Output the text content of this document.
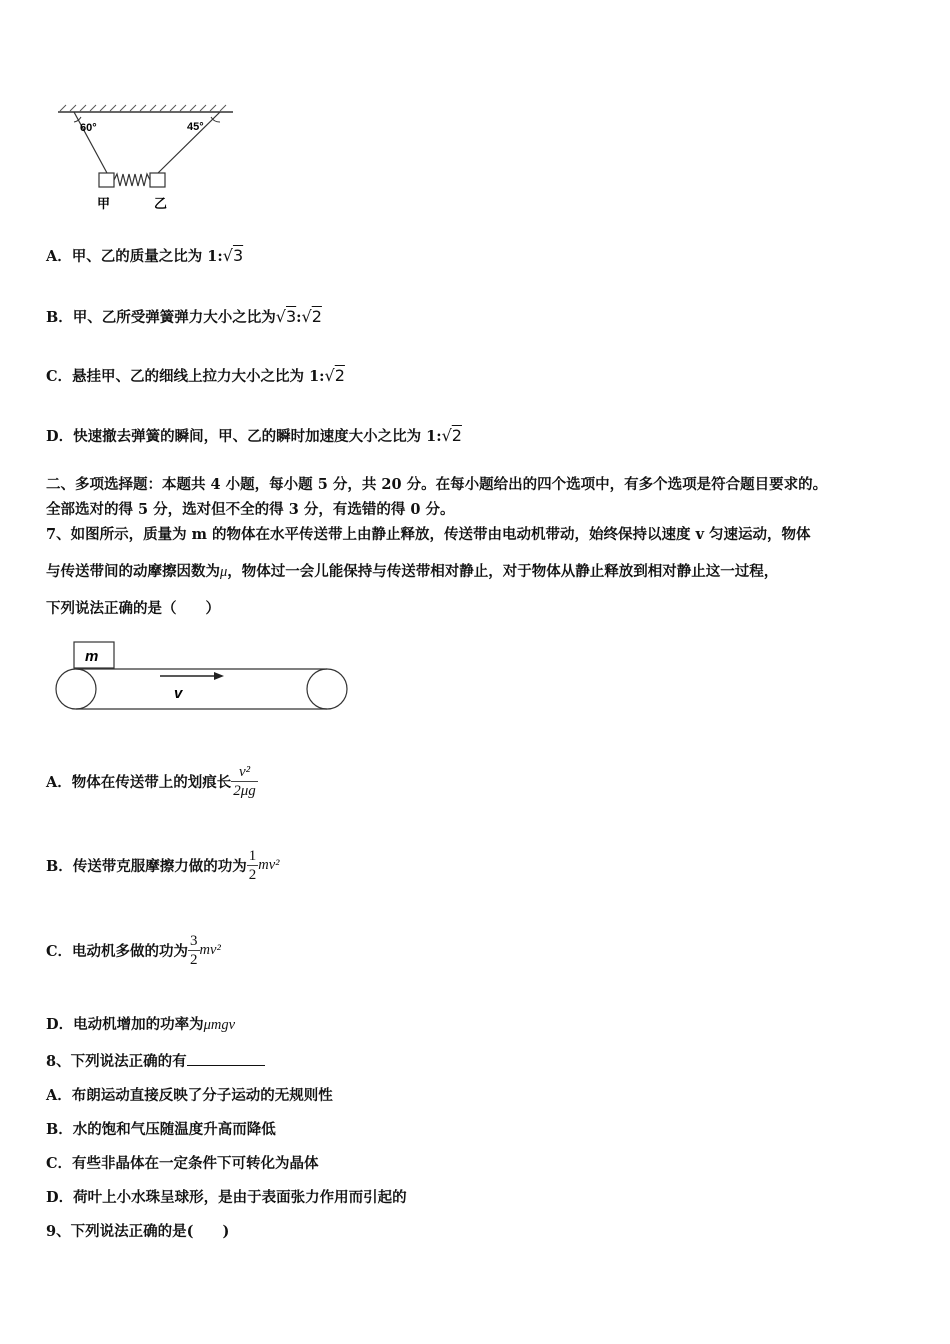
60°	45°
甲	乙
A．甲、乙的质量之比为 1:√3
B．甲、乙所受弹簧弹力大小之比为√3:√2
C．悬挂甲、乙的细线上拉力大小之比为 1:√2
D．快速撤去弹簧的瞬间，甲、乙的瞬时加速度大小之比为 1:√2
二、多项选择题：本题共 4 小题，每小题 5 分，共 20 分。在每小题给出的四个选项中，有多个选项是符合题目要求的。
全部选对的得 5 分，选对但不全的得 3 分，有选错的得 0 分。
7、如图所示，质量为 m 的物体在水平传送带上由静止释放，传送带由电动机带动，始终保持以速度 v 匀速运动，物体
与传送带间的动摩擦因数为μ，物体过一会儿能保持与传送带相对静止，对于物体从静止释放到相对静止这一过程，
下列说法正确的是（　　）
m
v
A．物体在传送带上的划痕长 $\frac{\text{v²}}{2\mu g}$
B．传送带克服摩擦力做的功为 $\frac{1}{2} mv^2$
C．电动机多做的功为 $\frac{3}{2} mv^2$
D．电动机增加的功率为μmgv
8、下列说法正确的有
A．布朗运动直接反映了分子运动的无规则性
B．水的饱和气压随温度升高而降低
C．有些非晶体在一定条件下可转化为晶体
D．荷叶上小水珠呈球形，是由于表面张力作用而引起的
9、下列说法正确的是(　　)
